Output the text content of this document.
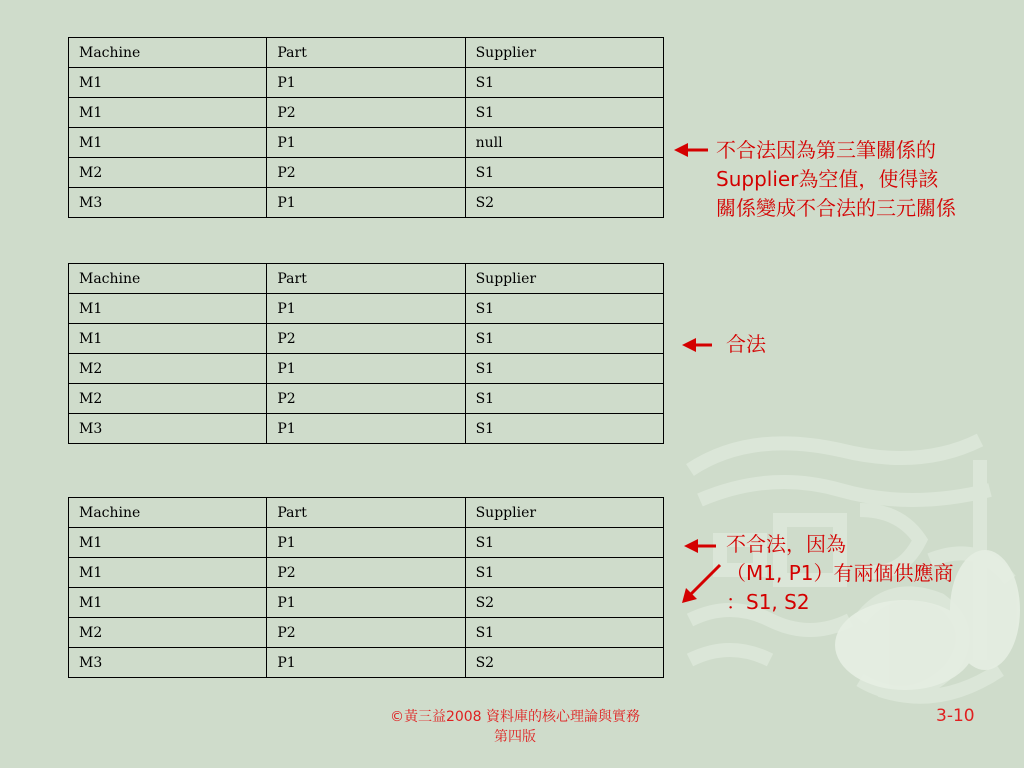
Machine	Part	Supplier
M1	P1	S1
M1	P2	S1
M1	P1	null
M2	P2	S1
M3	P1	S2
Machine	Part	Supplier
M1	P1	S1
M1	P2	S1
M2	P1	S1
M2	P2	S1
M3	P1	S1
Machine	Part	Supplier
M1	P1	S1
M1	P2	S1
M1	P1	S2
M2	P2	S1
M3	P1	S2
不合法因為第三筆關係的
Supplier為空值，使得該
關係變成不合法的三元關係
合法
不合法，因為
（M1, P1）有兩個供應商
：S1, S2
©黃三益2008 資料庫的核心理論與實務
第四版
3-10
